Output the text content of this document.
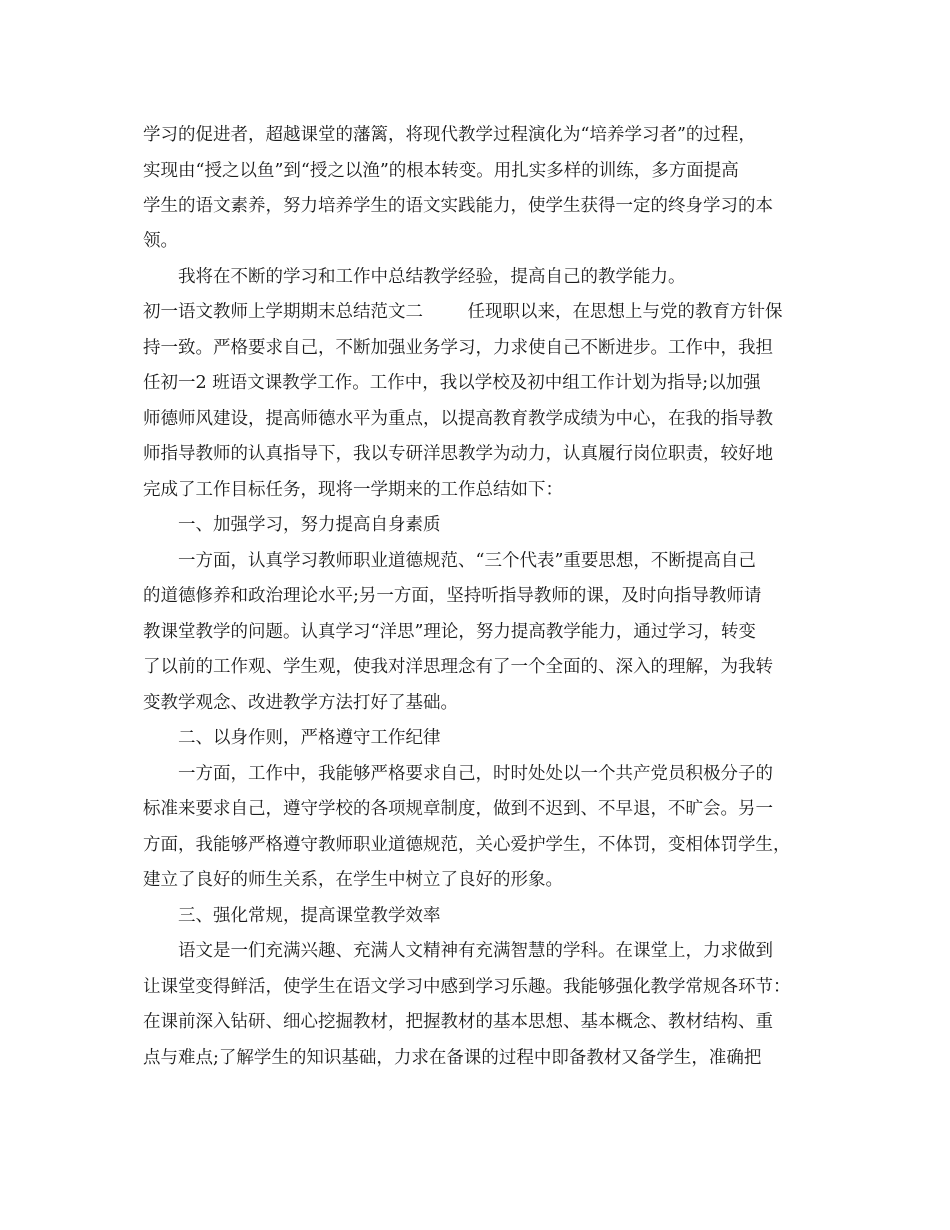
学习的促进者，超越课堂的藩篱，将现代教学过程演化为“培养学习者”的过程，
实现由“授之以鱼”到“授之以渔”的根本转变。用扎实多样的训练，多方面提高
学生的语文素养，努力培养学生的语文实践能力，使学生获得一定的终身学习的本
领。
我将在不断的学习和工作中总结教学经验，提高自己的教学能力。
初一语文教师上学期期末总结范文二        任现职以来，在思想上与党的教育方针保
持一致。严格要求自己，不断加强业务学习，力求使自己不断进步。工作中，我担
任初一2 班语文课教学工作。工作中，我以学校及初中组工作计划为指导;以加强
师德师风建设，提高师德水平为重点，以提高教育教学成绩为中心，在我的指导教
师指导教师的认真指导下，我以专研洋思教学为动力，认真履行岗位职责，较好地
完成了工作目标任务，现将一学期来的工作总结如下：
一、加强学习，努力提高自身素质
一方面，认真学习教师职业道德规范、“三个代表”重要思想，不断提高自己
的道德修养和政治理论水平;另一方面，坚持听指导教师的课，及时向指导教师请
教课堂教学的问题。认真学习“洋思”理论，努力提高教学能力，通过学习，转变
了以前的工作观、学生观，使我对洋思理念有了一个全面的、深入的理解，为我转
变教学观念、改进教学方法打好了基础。
二、以身作则，严格遵守工作纪律
一方面，工作中，我能够严格要求自己，时时处处以一个共产党员积极分子的
标准来要求自己，遵守学校的各项规章制度，做到不迟到、不早退，不旷会。另一
方面，我能够严格遵守教师职业道德规范，关心爱护学生，不体罚，变相体罚学生，
建立了良好的师生关系，在学生中树立了良好的形象。
三、强化常规，提高课堂教学效率
语文是一们充满兴趣、充满人文精神有充满智慧的学科。在课堂上，力求做到
让课堂变得鲜活，使学生在语文学习中感到学习乐趣。我能够强化教学常规各环节：
在课前深入钻研、细心挖掘教材，把握教材的基本思想、基本概念、教材结构、重
点与难点;了解学生的知识基础，力求在备课的过程中即备教材又备学生，准确把
